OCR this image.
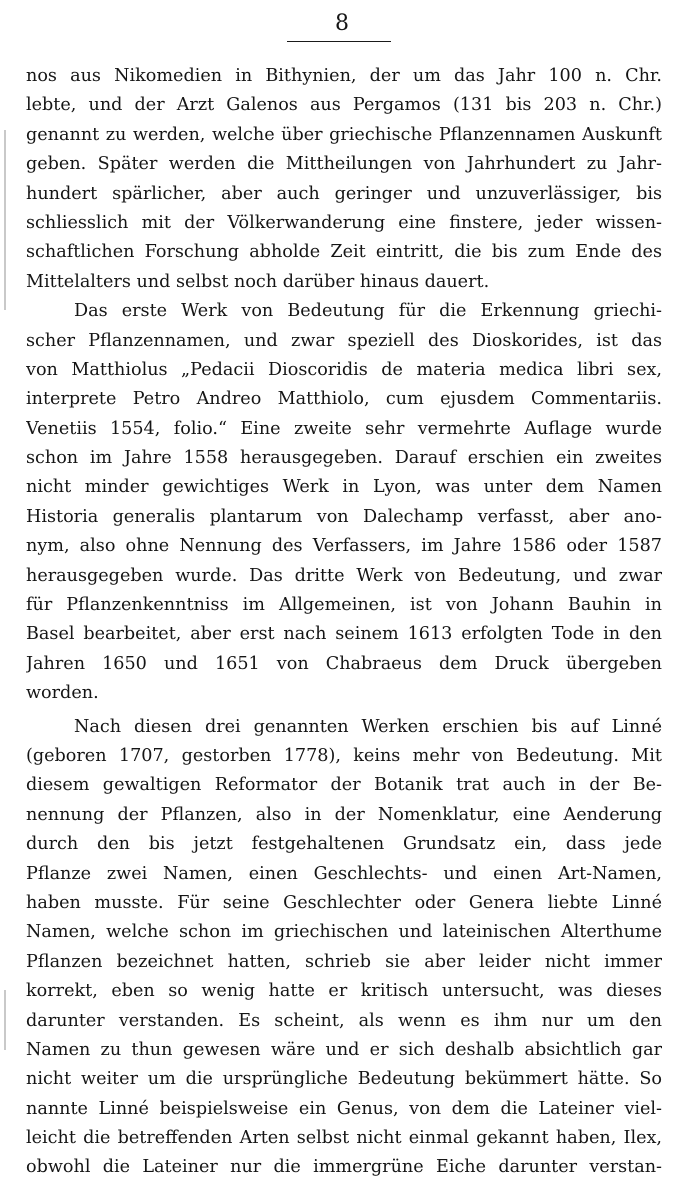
8
nos aus Nikomedien in Bithynien, der um das Jahr 100 n. Chr.
lebte, und der Arzt Galenos aus Pergamos (131 bis 203 n. Chr.)
genannt zu werden, welche über griechische Pflanzennamen Auskunft
geben. Später werden die Mittheilungen von Jahrhundert zu Jahr-
hundert spärlicher, aber auch geringer und unzuverlässiger, bis
schliesslich mit der Völkerwanderung eine finstere, jeder wissen-
schaftlichen Forschung abholde Zeit eintritt, die bis zum Ende des
Mittelalters und selbst noch darüber hinaus dauert.
Das erste Werk von Bedeutung für die Erkennung griechi-
scher Pflanzennamen, und zwar speziell des Dioskorides, ist das
von Matthiolus „Pedacii Dioscoridis de materia medica libri sex,
interprete Petro Andreo Matthiolo, cum ejusdem Commentariis.
Venetiis 1554, folio.“ Eine zweite sehr vermehrte Auflage wurde
schon im Jahre 1558 herausgegeben. Darauf erschien ein zweites
nicht minder gewichtiges Werk in Lyon, was unter dem Namen
Historia generalis plantarum von Dalechamp verfasst, aber ano-
nym, also ohne Nennung des Verfassers, im Jahre 1586 oder 1587
herausgegeben wurde. Das dritte Werk von Bedeutung, und zwar
für Pflanzenkenntniss im Allgemeinen, ist von Johann Bauhin in
Basel bearbeitet, aber erst nach seinem 1613 erfolgten Tode in den
Jahren 1650 und 1651 von Chabraeus dem Druck übergeben
worden.
Nach diesen drei genannten Werken erschien bis auf Linné
(geboren 1707, gestorben 1778), keins mehr von Bedeutung. Mit
diesem gewaltigen Reformator der Botanik trat auch in der Be-
nennung der Pflanzen, also in der Nomenklatur, eine Aenderung
durch den bis jetzt festgehaltenen Grundsatz ein, dass jede
Pflanze zwei Namen, einen Geschlechts- und einen Art-Namen,
haben musste. Für seine Geschlechter oder Genera liebte Linné
Namen, welche schon im griechischen und lateinischen Alterthume
Pflanzen bezeichnet hatten, schrieb sie aber leider nicht immer
korrekt, eben so wenig hatte er kritisch untersucht, was dieses
darunter verstanden. Es scheint, als wenn es ihm nur um den
Namen zu thun gewesen wäre und er sich deshalb absichtlich gar
nicht weiter um die ursprüngliche Bedeutung bekümmert hätte. So
nannte Linné beispielsweise ein Genus, von dem die Lateiner viel-
leicht die betreffenden Arten selbst nicht einmal gekannt haben, Ilex,
obwohl die Lateiner nur die immergrüne Eiche darunter verstan-
